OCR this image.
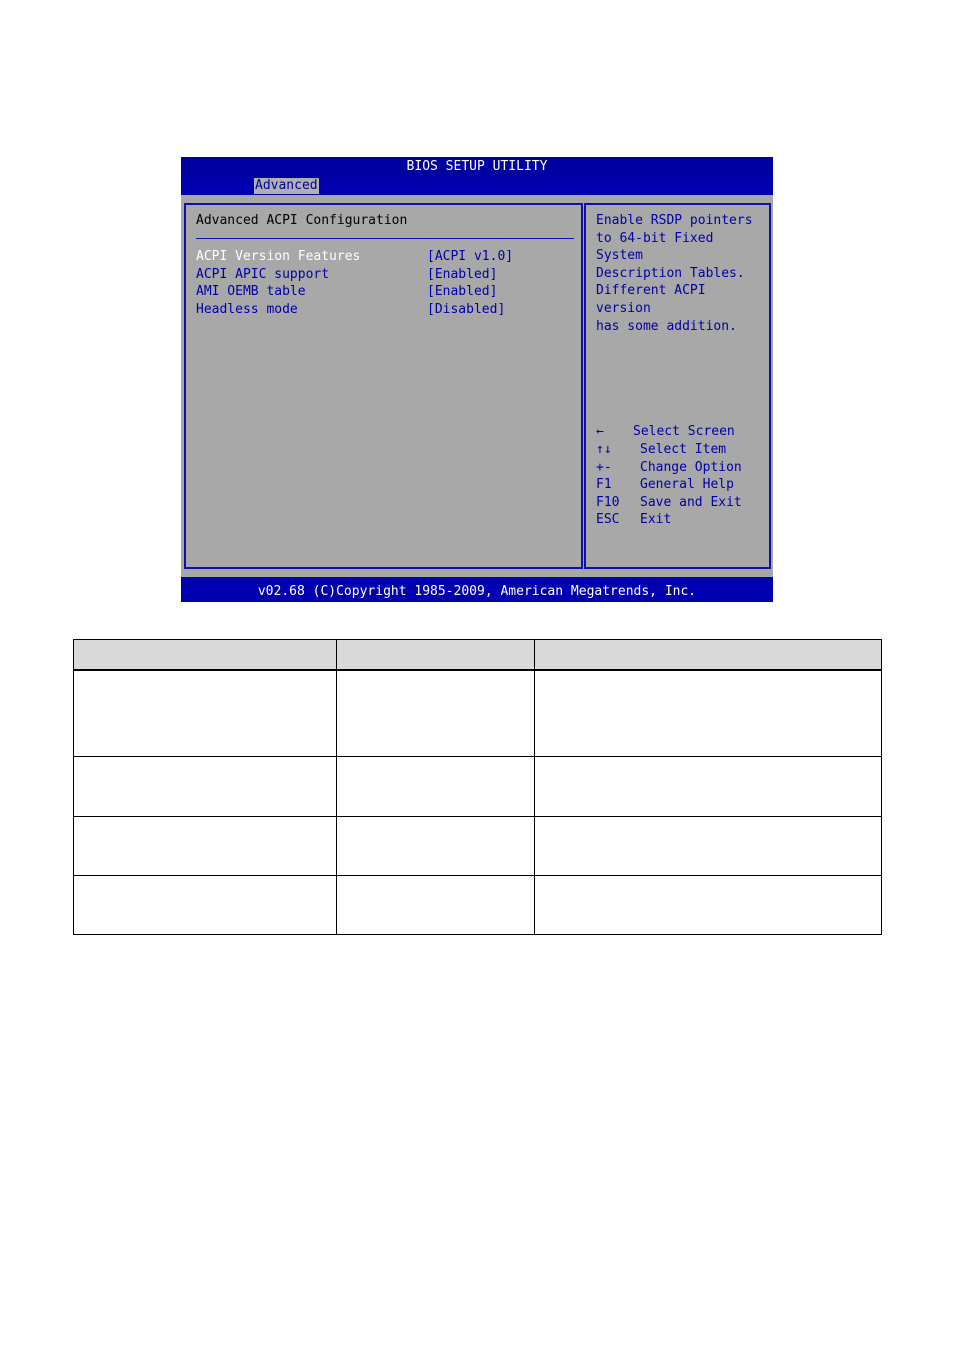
BIOS SETUP UTILITY
Advanced
Advanced ACPI Configuration
ACPI Version Features	[ACPI v1.0]
ACPI APIC support	[Enabled]
AMI OEMB table	[Enabled]
Headless mode	[Disabled]
Enable RSDP pointers
to 64-bit Fixed System
Description Tables.
Different ACPI version
has some addition.
← Select Screen
↑↓ Select Item
+- Change Option
F1 General Help
F10 Save and Exit
ESC Exit
v02.68 (C)Copyright 1985-2009, American Megatrends, Inc.
